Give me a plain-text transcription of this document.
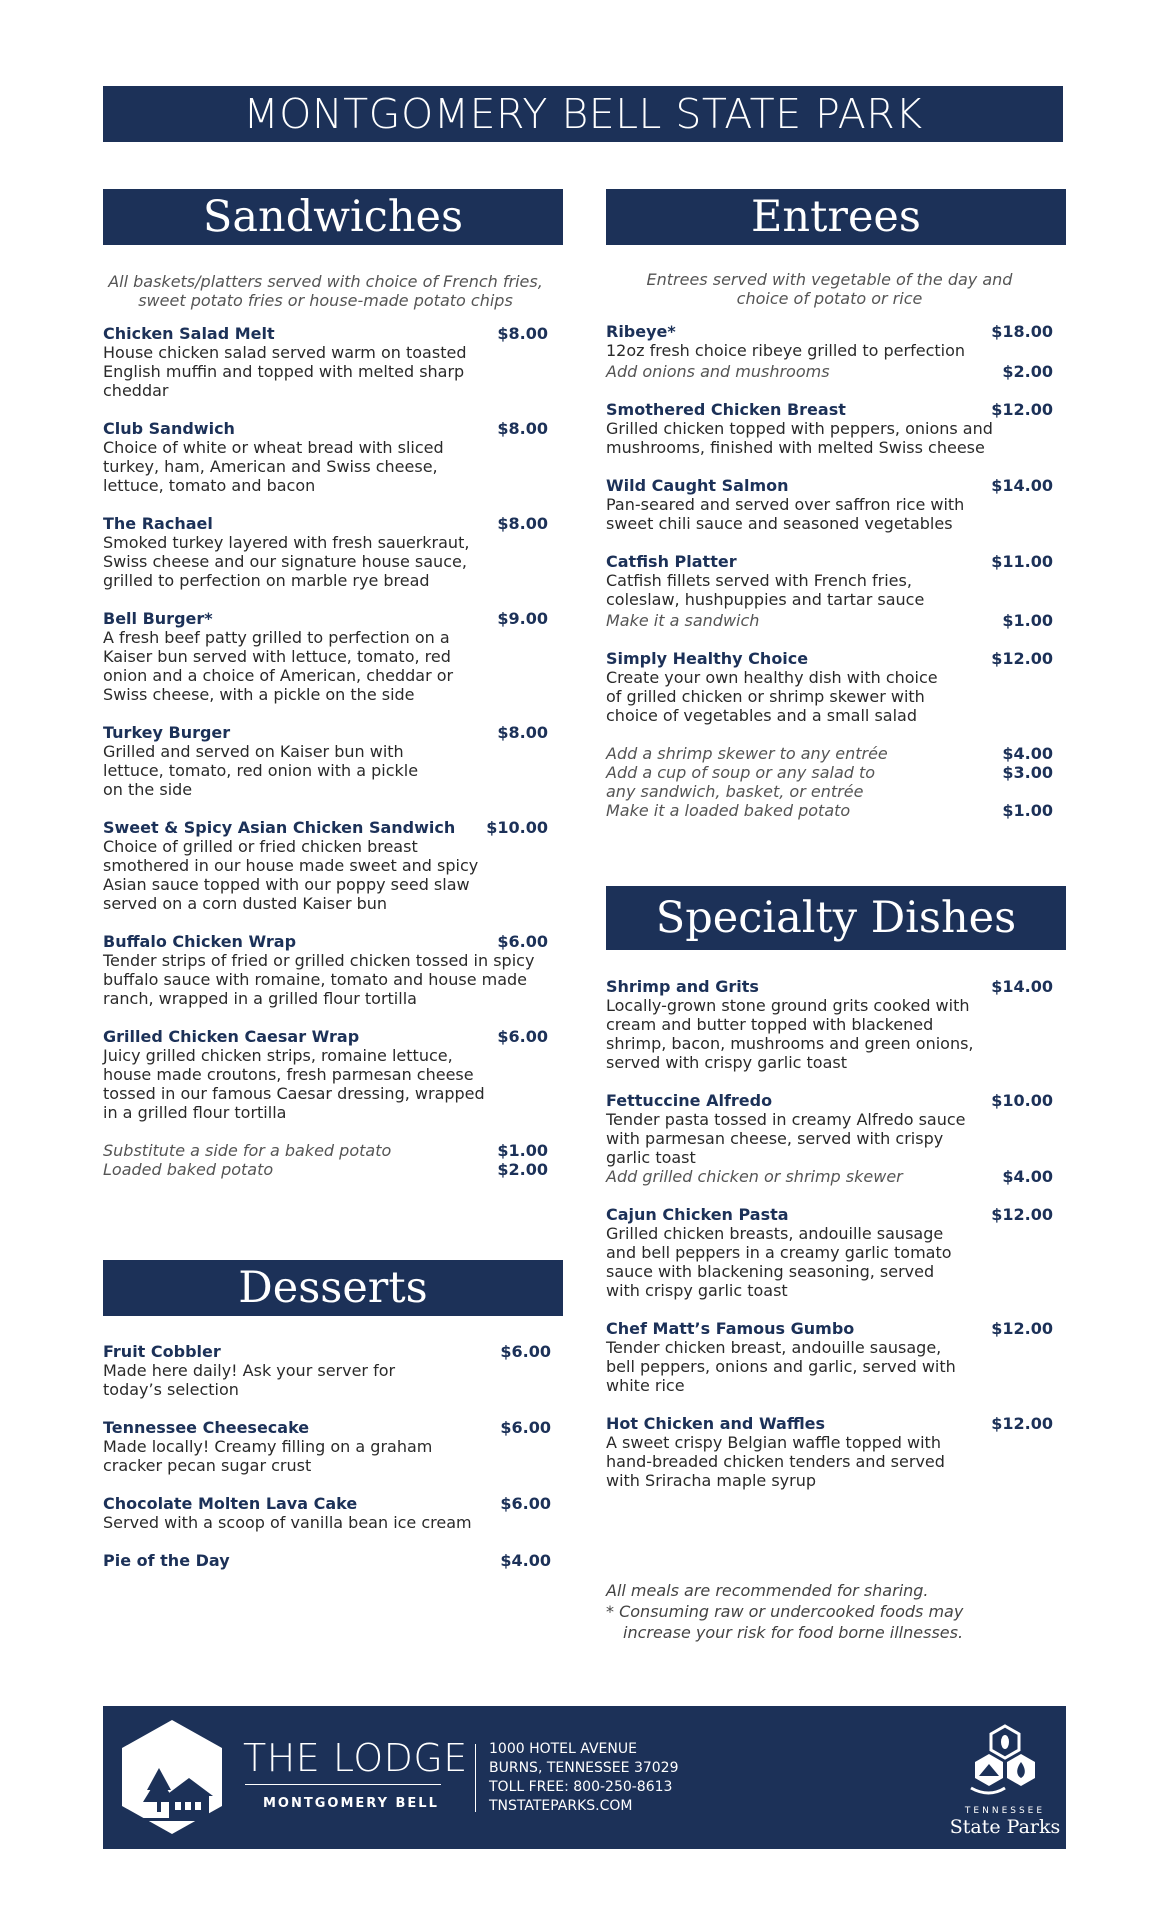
MONTGOMERY BELL STATE PARK
Sandwiches
All baskets/platters served with choice of French fries, sweet potato fries or house-made potato chips
Chicken Salad Melt	$8.00
House chicken salad served warm on toasted English muffin and topped with melted sharp cheddar
Club Sandwich	$8.00
Choice of white or wheat bread with sliced turkey, ham, American and Swiss cheese, lettuce, tomato and bacon
The Rachael	$8.00
Smoked turkey layered with fresh sauerkraut, Swiss cheese and our signature house sauce, grilled to perfection on marble rye bread
Bell Burger*	$9.00
A fresh beef patty grilled to perfection on a Kaiser bun served with lettuce, tomato, red onion and a choice of American, cheddar or Swiss cheese, with a pickle on the side
Turkey Burger	$8.00
Grilled and served on Kaiser bun with lettuce, tomato, red onion with a pickle on the side
Sweet & Spicy Asian Chicken Sandwich $10.00
Choice of grilled or fried chicken breast smothered in our house made sweet and spicy Asian sauce topped with our poppy seed slaw served on a corn dusted Kaiser bun
Buffalo Chicken Wrap	$6.00
Tender strips of fried or grilled chicken tossed in spicy buffalo sauce with romaine, tomato and house made ranch, wrapped in a grilled flour tortilla
Grilled Chicken Caesar Wrap	$6.00
Juicy grilled chicken strips, romaine lettuce, house made croutons, fresh parmesan cheese tossed in our famous Caesar dressing, wrapped in a grilled flour tortilla
Substitute a side for a baked potato	$1.00
Loaded baked potato	$2.00
Entrees
Entrees served with vegetable of the day and choice of potato or rice
Ribeye*	$18.00
12oz fresh choice ribeye grilled to perfection
Add onions and mushrooms	$2.00
Smothered Chicken Breast	$12.00
Grilled chicken topped with peppers, onions and mushrooms, finished with melted Swiss cheese
Wild Caught Salmon	$14.00
Pan-seared and served over saffron rice with sweet chili sauce and seasoned vegetables
Catfish Platter	$11.00
Catfish fillets served with French fries, coleslaw, hushpuppies and tartar sauce
Make it a sandwich	$1.00
Simply Healthy Choice	$12.00
Create your own healthy dish with choice of grilled chicken or shrimp skewer with choice of vegetables and a small salad
Add a shrimp skewer to any entrée	$4.00
Add a cup of soup or any salad to any sandwich, basket, or entrée
$3.00
Make it a loaded baked potato	$1.00
Specialty Dishes
Shrimp and Grits	$14.00
Locally-grown stone ground grits cooked with cream and butter topped with blackened shrimp, bacon, mushrooms and green onions, served with crispy garlic toast
Fettuccine Alfredo	$10.00
Tender pasta tossed in creamy Alfredo sauce with parmesan cheese, served with crispy garlic toast
Add grilled chicken or shrimp skewer	$4.00
Cajun Chicken Pasta	$12.00
Grilled chicken breasts, andouille sausage and bell peppers in a creamy garlic tomato sauce with blackening seasoning, served with crispy garlic toast
Chef Matt’s Famous Gumbo	$12.00
Tender chicken breast, andouille sausage, bell peppers, onions and garlic, served with white rice
Hot Chicken and Waffles	$12.00
A sweet crispy Belgian waffle topped with hand-breaded chicken tenders and served with Sriracha maple syrup
Desserts
Fruit Cobbler	$6.00
Made here daily! Ask your server for today’s selection
Tennessee Cheesecake	$6.00
Made locally! Creamy filling on a graham cracker pecan sugar crust
Chocolate Molten Lava Cake	$6.00
Served with a scoop of vanilla bean ice cream
Pie of the Day	$4.00
All meals are recommended for sharing.
* Consuming raw or undercooked foods may
increase your risk for food borne illnesses.
THE LODGE
MONTGOMERY BELL
1000 HOTEL AVENUE
BURNS, TENNESSEE 37029
TOLL FREE: 800-250-8613
TNSTATEPARKS.COM	TENNESSEE
State Parks
